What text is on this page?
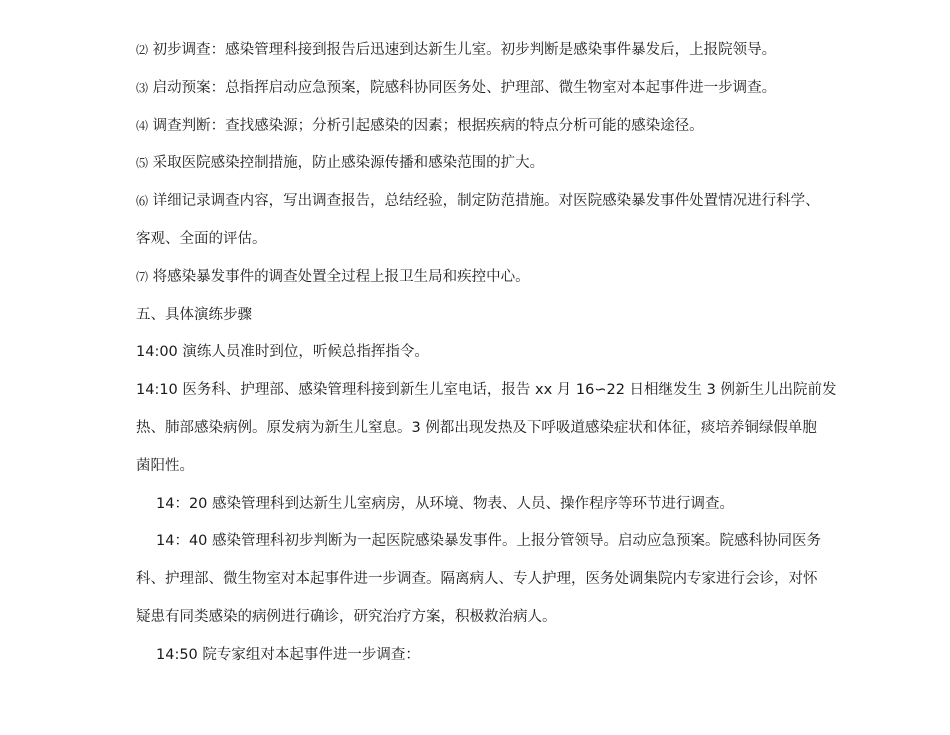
⑵ 初步调查：感染管理科接到报告后迅速到达新生儿室。初步判断是感染事件暴发后，上报院领导。
⑶ 启动预案：总指挥启动应急预案，院感科协同医务处、护理部、微生物室对本起事件进一步调查。
⑷ 调查判断：查找感染源；分析引起感染的因素；根据疾病的特点分析可能的感染途径。
⑸ 采取医院感染控制措施，防止感染源传播和感染范围的扩大。
⑹ 详细记录调查内容，写出调查报告，总结经验，制定防范措施。对医院感染暴发事件处置情况进行科学、
客观、全面的评估。
⑺ 将感染暴发事件的调查处置全过程上报卫生局和疾控中心。
五、具体演练步骤
14:00 演练人员准时到位，听候总指挥指令。
14:10 医务科、护理部、感染管理科接到新生儿室电话，报告 xx 月 16∽22 日相继发生 3 例新生儿出院前发
热、肺部感染病例。原发病为新生儿窒息。3 例都出现发热及下呼吸道感染症状和体征，痰培养铜绿假单胞
菌阳性。
14：20 感染管理科到达新生儿室病房，从环境、物表、人员、操作程序等环节进行调查。
14：40 感染管理科初步判断为一起医院感染暴发事件。上报分管领导。启动应急预案。院感科协同医务
科、护理部、微生物室对本起事件进一步调查。隔离病人、专人护理，医务处调集院内专家进行会诊，对怀
疑患有同类感染的病例进行确诊，研究治疗方案，积极救治病人。
14:50 院专家组对本起事件进一步调查：
